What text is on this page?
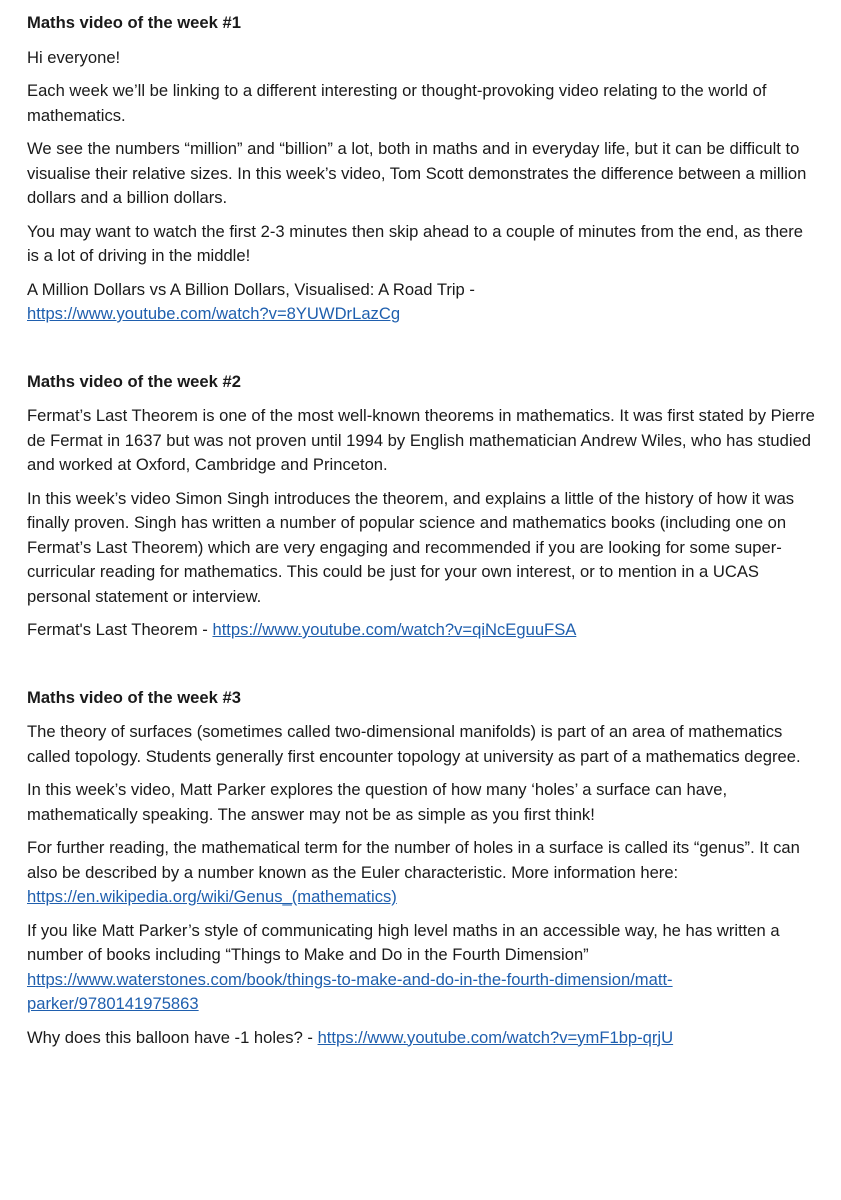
Maths video of the week #1

Hi everyone!

Each week we’ll be linking to a different interesting or thought-provoking video relating to the world of mathematics.

We see the numbers “million” and “billion” a lot, both in maths and in everyday life, but it can be difficult to visualise their relative sizes. In this week’s video, Tom Scott demonstrates the difference between a million dollars and a billion dollars.

You may want to watch the first 2-3 minutes then skip ahead to a couple of minutes from the end, as there is a lot of driving in the middle!

A Million Dollars vs A Billion Dollars, Visualised: A Road Trip -
https://www.youtube.com/watch?v=8YUWDrLazCg

Maths video of the week #2

Fermat’s Last Theorem is one of the most well-known theorems in mathematics. It was first stated by Pierre de Fermat in 1637 but was not proven until 1994 by English mathematician Andrew Wiles, who has studied and worked at Oxford, Cambridge and Princeton.

In this week’s video Simon Singh introduces the theorem, and explains a little of the history of how it was finally proven. Singh has written a number of popular science and mathematics books (including one on Fermat’s Last Theorem) which are very engaging and recommended if you are looking for some super-curricular reading for mathematics. This could be just for your own interest, or to mention in a UCAS personal statement or interview.

Fermat's Last Theorem - https://www.youtube.com/watch?v=qiNcEguuFSA

Maths video of the week #3

The theory of surfaces (sometimes called two-dimensional manifolds) is part of an area of mathematics called topology. Students generally first encounter topology at university as part of a mathematics degree.

In this week’s video, Matt Parker explores the question of how many ‘holes’ a surface can have, mathematically speaking. The answer may not be as simple as you first think!

For further reading, the mathematical term for the number of holes in a surface is called its “genus”. It can also be described by a number known as the Euler characteristic. More information here:
https://en.wikipedia.org/wiki/Genus_(mathematics)

If you like Matt Parker’s style of communicating high level maths in an accessible way, he has written a number of books including “Things to Make and Do in the Fourth Dimension” https://www.waterstones.com/book/things-to-make-and-do-in-the-fourth-dimension/matt-parker/9780141975863

Why does this balloon have -1 holes? - https://www.youtube.com/watch?v=ymF1bp-qrjU
